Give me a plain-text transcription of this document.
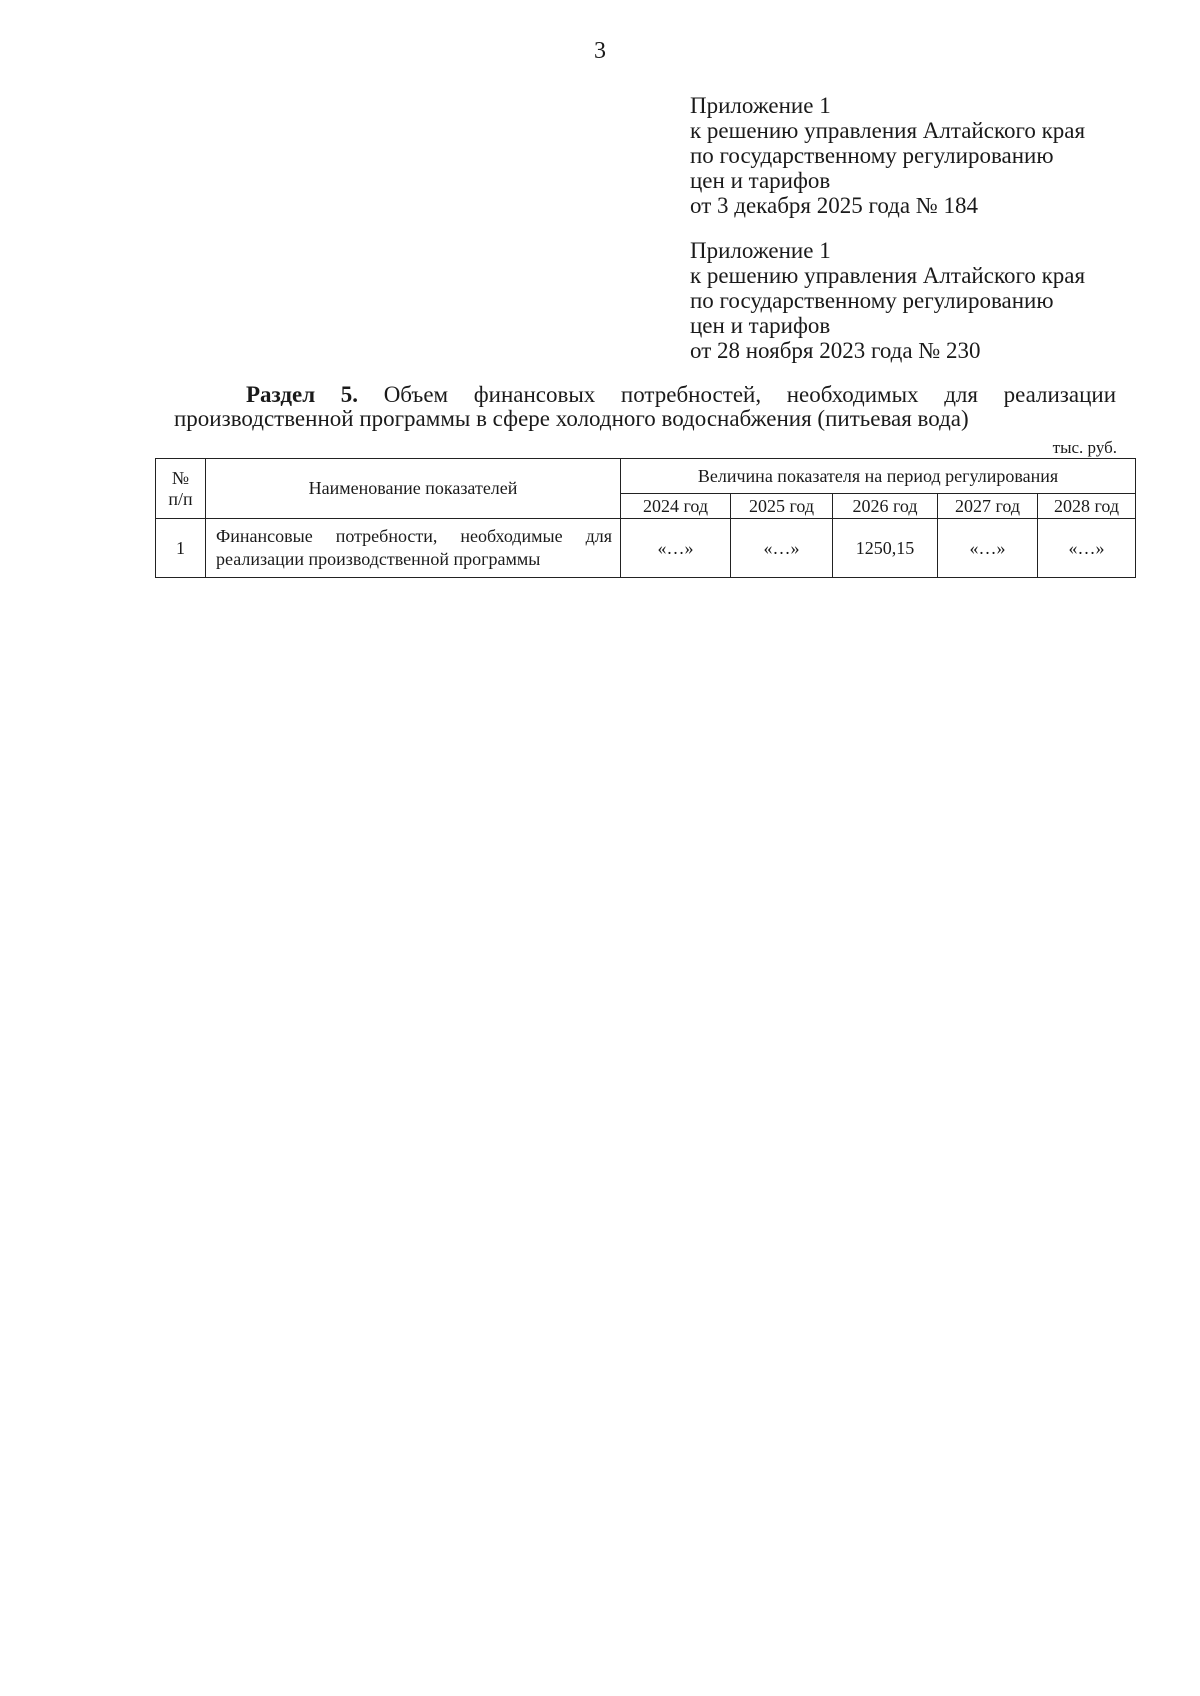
3
Приложение 1
к решению управления Алтайского края
по государственному регулированию
цен и тарифов
от 3 декабря 2025 года № 184
Приложение 1
к решению управления Алтайского края
по государственному регулированию
цен и тарифов
от 28 ноября 2023 года № 230
Раздел 5. Объем финансовых потребностей, необходимых для реализации
производственной программы в сфере холодного водоснабжения (питьевая вода)
тыс. руб.
№
п/п	Наименование показателей	Величина показателя на период регулирования				
		2024 год	2025 год	2026 год	2027 год	2028 год
1	Финансовые потребности, необходимые для
реализации производственной программы	«…»	«…»	1250,15	«…»	«…»
